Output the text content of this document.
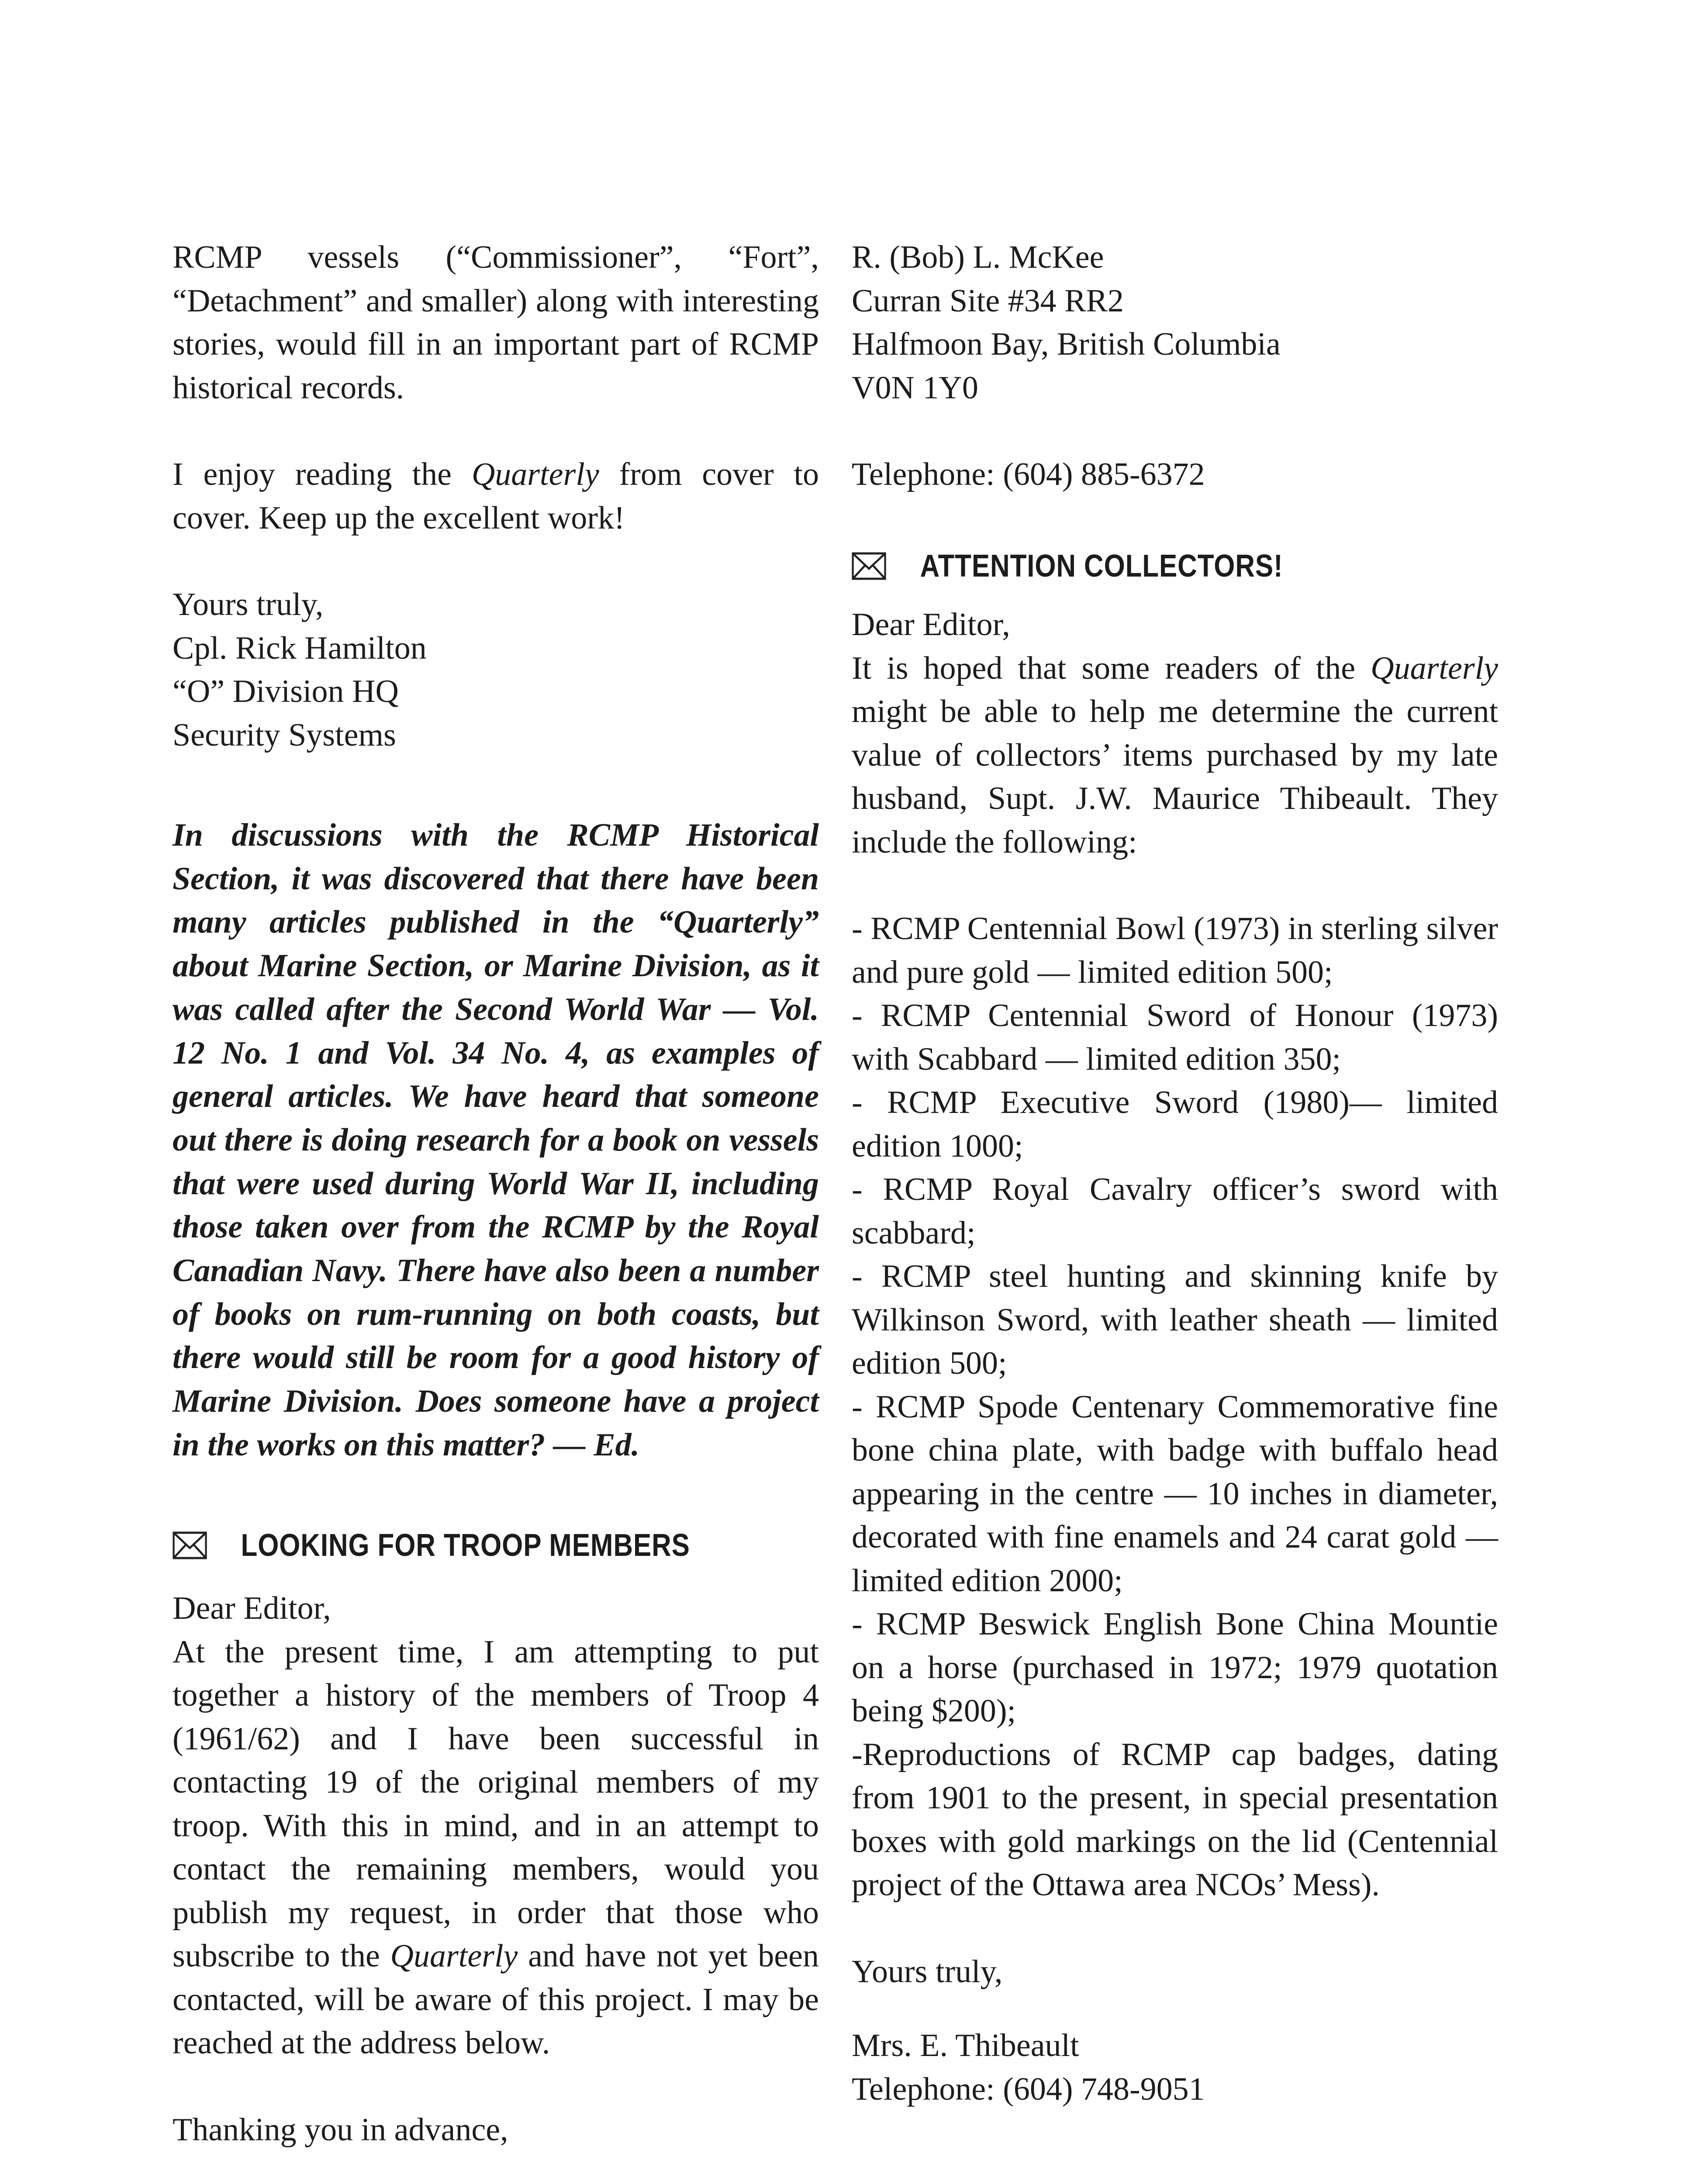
RCMP vessels (“Commissioner”, “Fort”, “Detachment” and smaller) along with interesting stories, would fill in an important part of RCMP historical records.

I enjoy reading the Quarterly from cover to cover. Keep up the excellent work!

Yours truly,

Cpl. Rick Hamilton

“O” Division HQ

Security Systems

In discussions with the RCMP Historical Section, it was discovered that there have been many articles published in the “Quarterly” about Marine Section, or Marine Division, as it was called after the Second World War — Vol. 12 No. 1 and Vol. 34 No. 4, as examples of general articles. We have heard that someone out there is doing research for a book on vessels that were used during World War II, including those taken over from the RCMP by the Royal Canadian Navy. There have also been a number of books on rum-running on both coasts, but there would still be room for a good history of Marine Division. Does someone have a project in the works on this matter? — Ed.

LOOKING FOR TROOP MEMBERS

Dear Editor,

At the present time, I am attempting to put together a history of the members of Troop 4 (1961/62) and I have been successful in contacting 19 of the original members of my troop. With this in mind, and in an attempt to contact the remaining members, would you publish my request, in order that those who subscribe to the Quarterly and have not yet been contacted, will be aware of this project. I may be reached at the address below.

Thanking you in advance,

R. (Bob) L. McKee

Curran Site #34 RR2

Halfmoon Bay, British Columbia

V0N 1Y0

Telephone: (604) 885-6372

ATTENTION COLLECTORS!

Dear Editor,

It is hoped that some readers of the Quarterly might be able to help me determine the current value of collectors’ items purchased by my late husband, Supt. J.W. Maurice Thibeault. They include the following:

- RCMP Centennial Bowl (1973) in sterling silver and pure gold — limited edition 500;

- RCMP Centennial Sword of Honour (1973) with Scabbard — limited edition 350;

- RCMP Executive Sword (1980)— limited edition 1000;

- RCMP Royal Cavalry officer’s sword with scabbard;

- RCMP steel hunting and skinning knife by Wilkinson Sword, with leather sheath — limited edition 500;

- RCMP Spode Centenary Commemorative fine bone china plate, with badge with buffalo head appearing in the centre — 10 inches in diameter, decorated with fine enamels and 24 carat gold — limited edition 2000;

- RCMP Beswick English Bone China Mountie on a horse (purchased in 1972; 1979 quotation being $200);

-Reproductions of RCMP cap badges, dating from 1901 to the present, in special presentation boxes with gold markings on the lid (Centennial project of the Ottawa area NCOs’ Mess).

Yours truly,

Mrs. E. Thibeault

Telephone: (604) 748-9051
